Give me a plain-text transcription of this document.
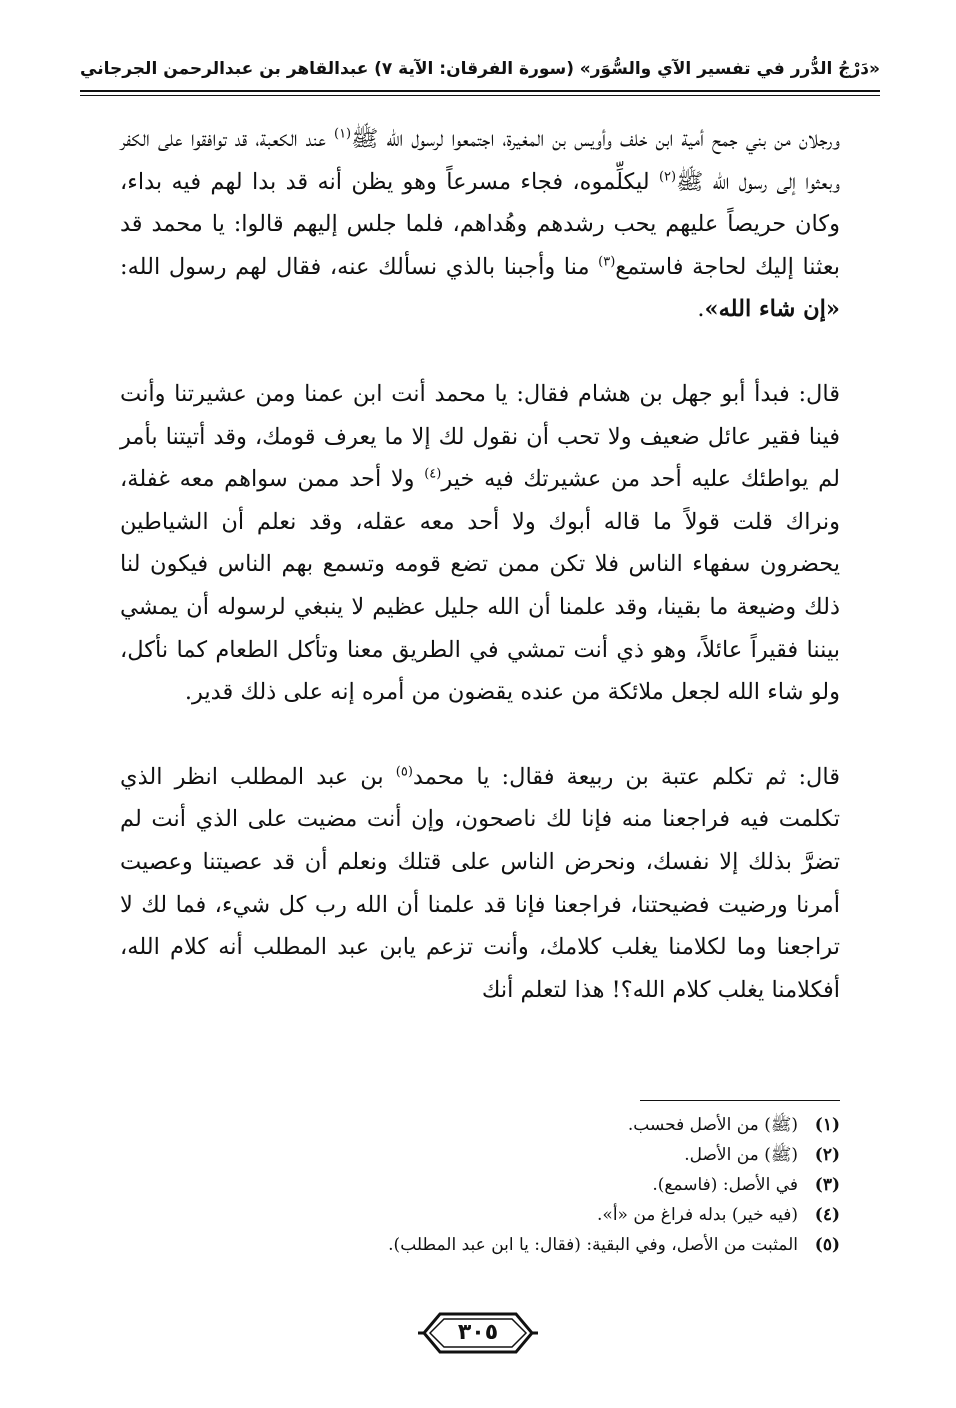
«دَرْجُ الدُّرر في تفسير الآي والسُّوَر»
(سورة الفرقان: الآية ٧)
عبدالقاهر بن عبدالرحمن الجرجاني

ورجلان من بني جمح أمية ابن خلف وأويس بن المغيرة، اجتمعوا لرسول الله ﷺ$^{(١)}$ عند الكعبة، قد توافقوا على الكفر وبعثوا إلى رسول الله ﷺ$^{(٢)}$ ليكلِّموه، فجاء مسرعاً وهو يظن أنه قد بدا لهم فيه بداء، وكان حريصاً عليهم يحب رشدهم وهُداهم، فلما جلس إليهم قالوا: يا محمد قد بعثنا إليك لحاجة فاستمع$^{(٣)}$ منا وأجبنا بالذي نسألك عنه، فقال لهم رسول الله: «إن شاء الله».

قال: فبدأ أبو جهل بن هشام فقال: يا محمد أنت ابن عمنا ومن عشيرتنا وأنت فينا فقير عائل ضعيف ولا تحب أن نقول لك إلا ما يعرف قومك، وقد أتيتنا بأمر لم يواطئك عليه أحد من عشيرتك فيه خير$^{(٤)}$ ولا أحد ممن سواهم معه غفلة، ونراك قلت قولاً ما قاله أبوك ولا أحد معه عقله، وقد نعلم أن الشياطين يحضرون سفهاء الناس فلا تكن ممن تضع قومه وتسمع بهم الناس فيكون لنا ذلك وضيعة ما بقينا، وقد علمنا أن الله جليل عظيم لا ينبغي لرسوله أن يمشي بيننا فقيراً عائلاً، وهو ذي أنت تمشي في الطريق معنا وتأكل الطعام كما نأكل، ولو شاء الله لجعل ملائكة من عنده يقضون من أمره إنه على ذلك قدير.

قال: ثم تكلم عتبة بن ربيعة فقال: يا محمد$^{(٥)}$ بن عبد المطلب انظر الذي تكلمت فيه فراجعنا منه فإنا لك ناصحون، وإن أنت مضيت على الذي أنت لم تضرَّ بذلك إلا نفسك، ونحرض الناس على قتلك ونعلم أن قد عصيتنا وعصيت أمرنا ورضيت فضيحتنا، فراجعنا فإنا قد علمنا أن الله رب كل شيء، فما لك لا تراجعنا وما لكلامنا يغلب كلامك، وأنت تزعم يابن عبد المطلب أنه كلام الله، أفكلامنا يغلب كلام الله؟! هذا لتعلم أنك

(١)(ﷺ) من الأصل فحسب.
(٢)(ﷺ) من الأصل.
(٣)في الأصل: (فاسمع).
(٤)(فيه خير) بدله فراغ من «أ».
(٥)المثبت من الأصل، وفي البقية: (فقال: يا ابن عبد المطلب).
٣٠٥
